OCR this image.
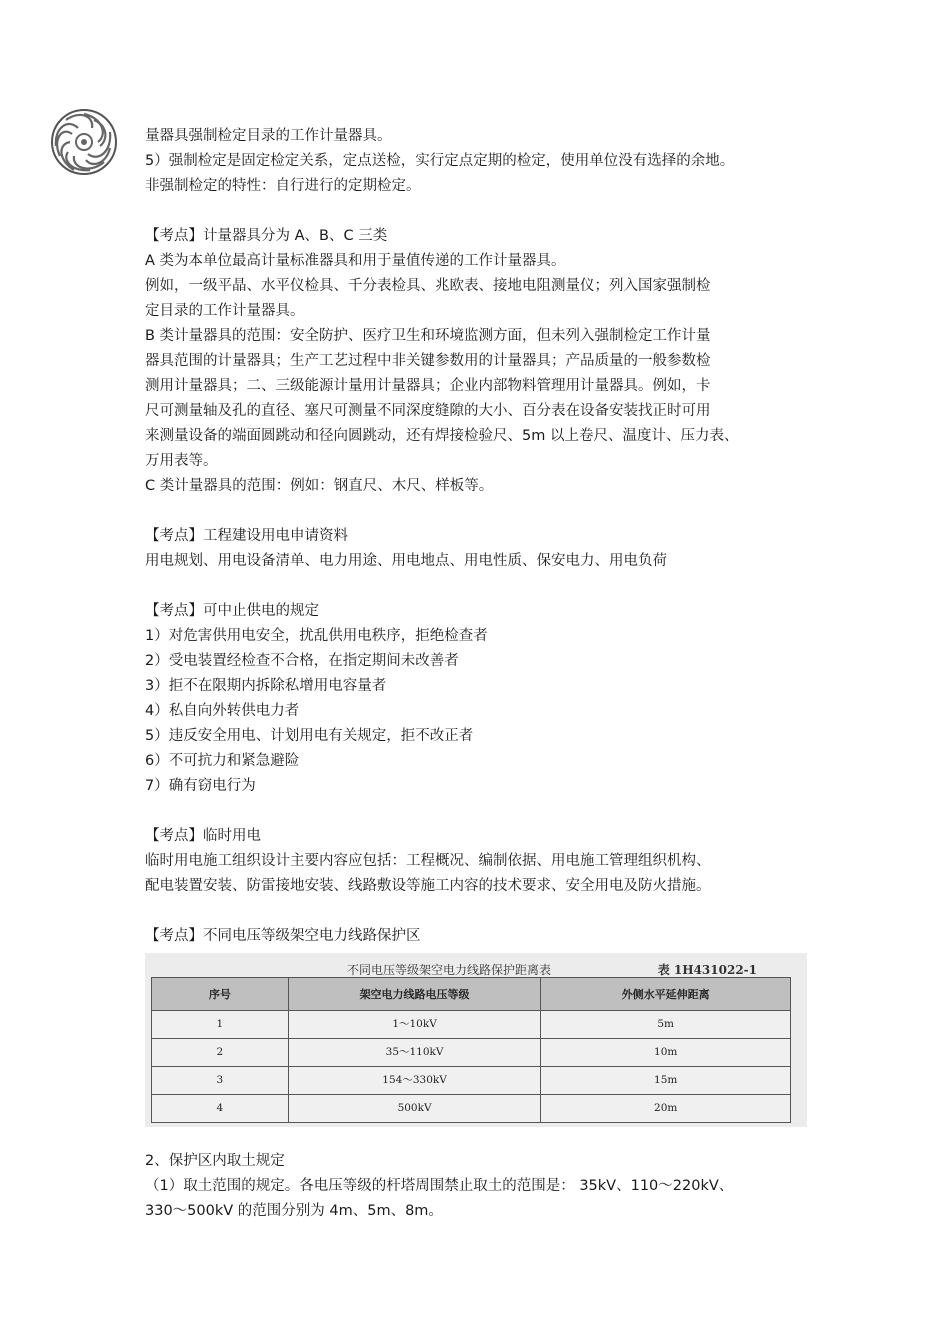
量器具强制检定目录的工作计量器具。

5）强制检定是固定检定关系，定点送检，实行定点定期的检定，使用单位没有选择的余地。

非强制检定的特性：自行进行的定期检定。

【考点】计量器具分为 A、B、C 三类

A 类为本单位最高计量标准器具和用于量值传递的工作计量器具。

例如，一级平晶、水平仪检具、千分表检具、兆欧表、接地电阻测量仪；列入国家强制检

定目录的工作计量器具。

B 类计量器具的范围：安全防护、医疗卫生和环境监测方面，但未列入强制检定工作计量

器具范围的计量器具；生产工艺过程中非关键参数用的计量器具；产品质量的一般参数检

测用计量器具；二、三级能源计量用计量器具；企业内部物料管理用计量器具。例如，卡

尺可测量轴及孔的直径、塞尺可测量不同深度缝隙的大小、百分表在设备安装找正时可用

来测量设备的端面圆跳动和径向圆跳动，还有焊接检验尺、5m 以上卷尺、温度计、压力表、

万用表等。

C 类计量器具的范围：例如：钢直尺、木尺、样板等。

【考点】工程建设用电申请资料

用电规划、用电设备清单、电力用途、用电地点、用电性质、保安电力、用电负荷

【考点】可中止供电的规定

1）对危害供用电安全，扰乱供用电秩序，拒绝检查者

2）受电装置经检查不合格，在指定期间未改善者

3）拒不在限期内拆除私增用电容量者

4）私自向外转供电力者

5）违反安全用电、计划用电有关规定，拒不改正者

6）不可抗力和紧急避险

7）确有窃电行为

【考点】临时用电

临时用电施工组织设计主要内容应包括：工程概况、编制依据、用电施工管理组织机构、

配电装置安装、防雷接地安装、线路敷设等施工内容的技术要求、安全用电及防火措施。

【考点】不同电压等级架空电力线路保护区

不同电压等级架空电力线路保护距离表	表 1H431022-1
序号	架空电力线路电压等级	外侧水平延伸距离
1	1～10kV	5m
2	35～110kV	10m
3	154～330kV	15m
4	500kV	20m

2、保护区内取土规定

（1）取土范围的规定。各电压等级的杆塔周围禁止取土的范围是： 35kV、110～220kV、

330～500kV 的范围分别为 4m、5m、8m。
